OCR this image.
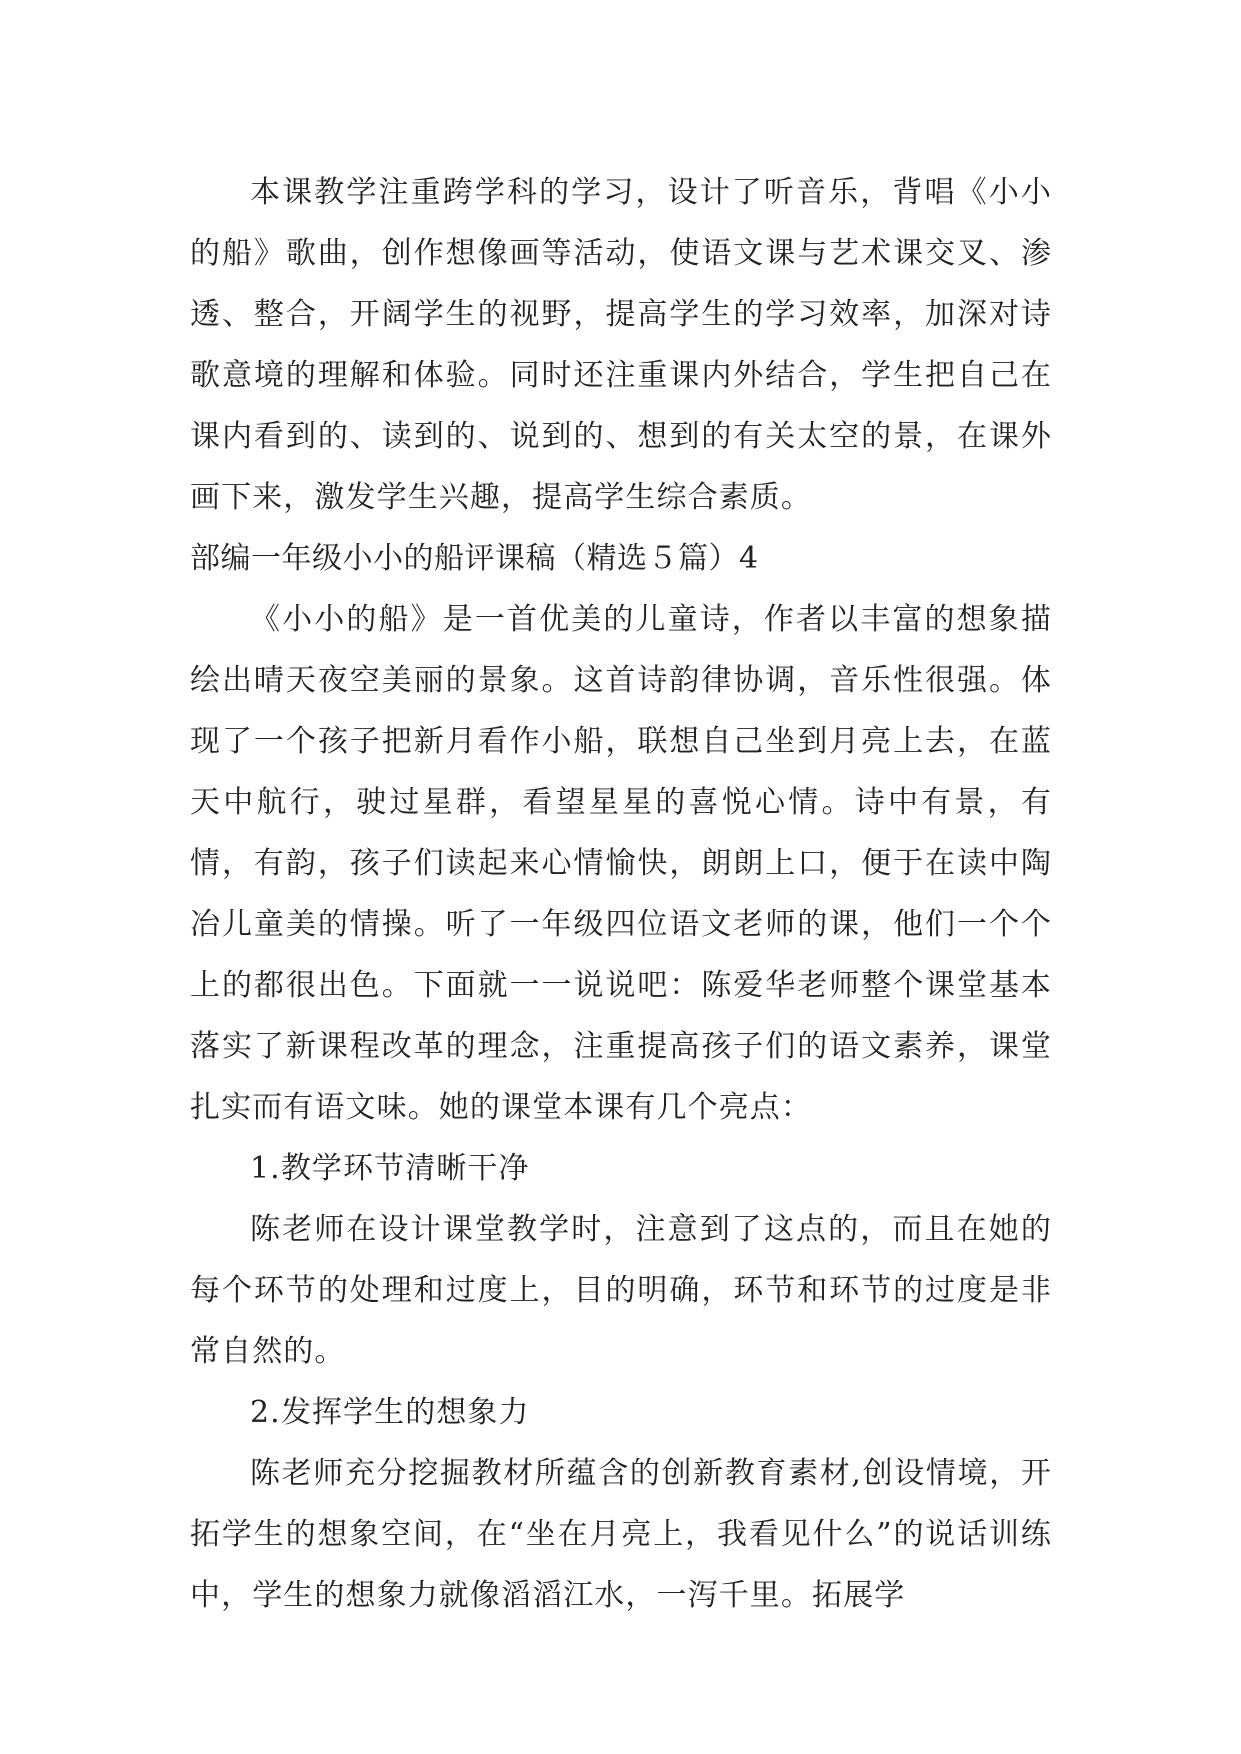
本课教学注重跨学科的学习，设计了听音乐，背唱《小小的船》歌曲，创作想像画等活动，使语文课与艺术课交叉、渗透、整合，开阔学生的视野，提高学生的学习效率，加深对诗歌意境的理解和体验。同时还注重课内外结合，学生把自己在课内看到的、读到的、说到的、想到的有关太空的景，在课外画下来，激发学生兴趣，提高学生综合素质。

部编一年级小小的船评课稿（精选５篇）4

《小小的船》是一首优美的儿童诗，作者以丰富的想象描绘出晴天夜空美丽的景象。这首诗韵律协调，音乐性很强。体现了一个孩子把新月看作小船，联想自己坐到月亮上去，在蓝天中航行，驶过星群，看望星星的喜悦心情。诗中有景，有情，有韵，孩子们读起来心情愉快，朗朗上口，便于在读中陶冶儿童美的情操。听了一年级四位语文老师的课，他们一个个上的都很出色。下面就一一说说吧：陈爱华老师整个课堂基本落实了新课程改革的理念，注重提高孩子们的语文素养，课堂扎实而有语文味。她的课堂本课有几个亮点：

1.教学环节清晰干净

陈老师在设计课堂教学时，注意到了这点的，而且在她的每个环节的处理和过度上，目的明确，环节和环节的过度是非常自然的。

2.发挥学生的想象力

陈老师充分挖掘教材所蕴含的创新教育素材,创设情境，开拓学生的想象空间，在“坐在月亮上，我看见什么”的说话训练中，学生的想象力就像滔滔江水，一泻千里。拓展学
